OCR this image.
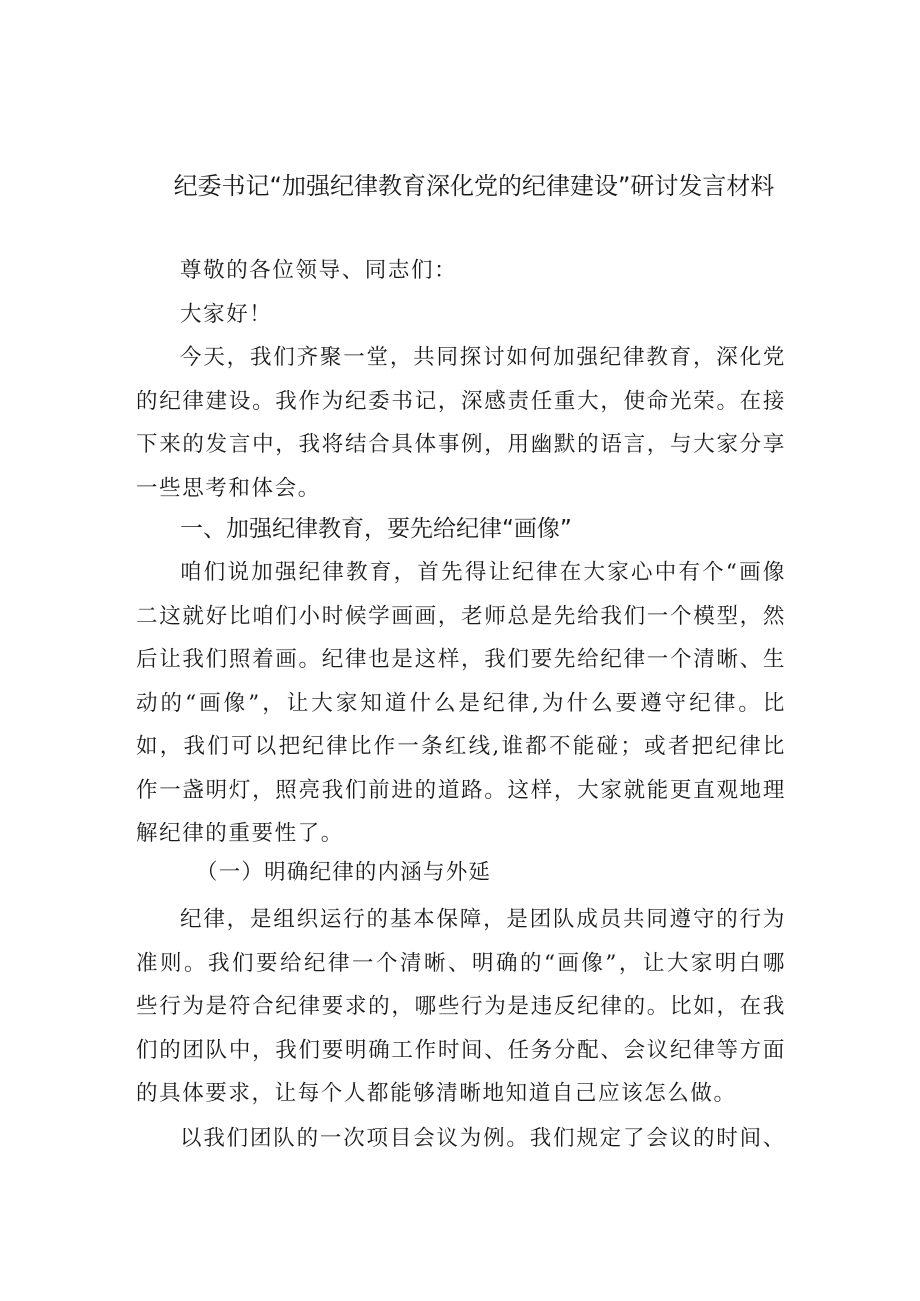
纪委书记“加强纪律教育深化党的纪律建设”研讨发言材料
尊敬的各位领导、同志们：
大家好！
今天，我们齐聚一堂，共同探讨如何加强纪律教育，深化党
的纪律建设。我作为纪委书记，深感责任重大，使命光荣。在接
下来的发言中，我将结合具体事例，用幽默的语言，与大家分享
一些思考和体会。
一、加强纪律教育，要先给纪律“画像”
咱们说加强纪律教育，首先得让纪律在大家心中有个“画像
二这就好比咱们小时候学画画，老师总是先给我们一个模型，然
后让我们照着画。纪律也是这样，我们要先给纪律一个清晰、生
动的“画像”，让大家知道什么是纪律,为什么要遵守纪律。比
如，我们可以把纪律比作一条红线,谁都不能碰；或者把纪律比
作一盏明灯，照亮我们前进的道路。这样，大家就能更直观地理
解纪律的重要性了。
（一）明确纪律的内涵与外延
纪律，是组织运行的基本保障，是团队成员共同遵守的行为
准则。我们要给纪律一个清晰、明确的“画像”，让大家明白哪
些行为是符合纪律要求的，哪些行为是违反纪律的。比如，在我
们的团队中，我们要明确工作时间、任务分配、会议纪律等方面
的具体要求，让每个人都能够清晰地知道自己应该怎么做。
以我们团队的一次项目会议为例。我们规定了会议的时间、
